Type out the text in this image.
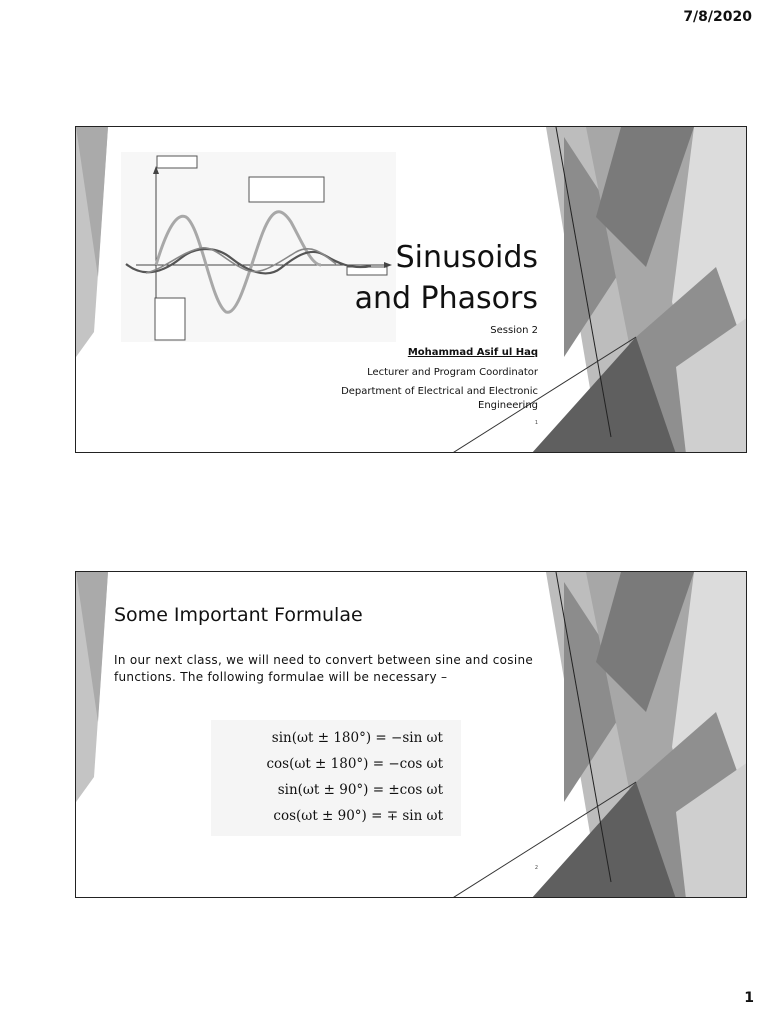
7/8/2020
Sinusoids
and Phasors
Session 2
Mohammad Asif ul Haq
Lecturer and Program Coordinator
Department of Electrical and Electronic Engineering
1
Some Important Formulae

In our next class, we will need to convert between sine and cosine functions. The following formulae will be necessary –

sin(ωt ± 180°) = −sin ωt
cos(ωt ± 180°) = −cos ωt
sin(ωt ± 90°) = ±cos ωt
cos(ωt ± 90°) = ∓ sin ωt
2
1
